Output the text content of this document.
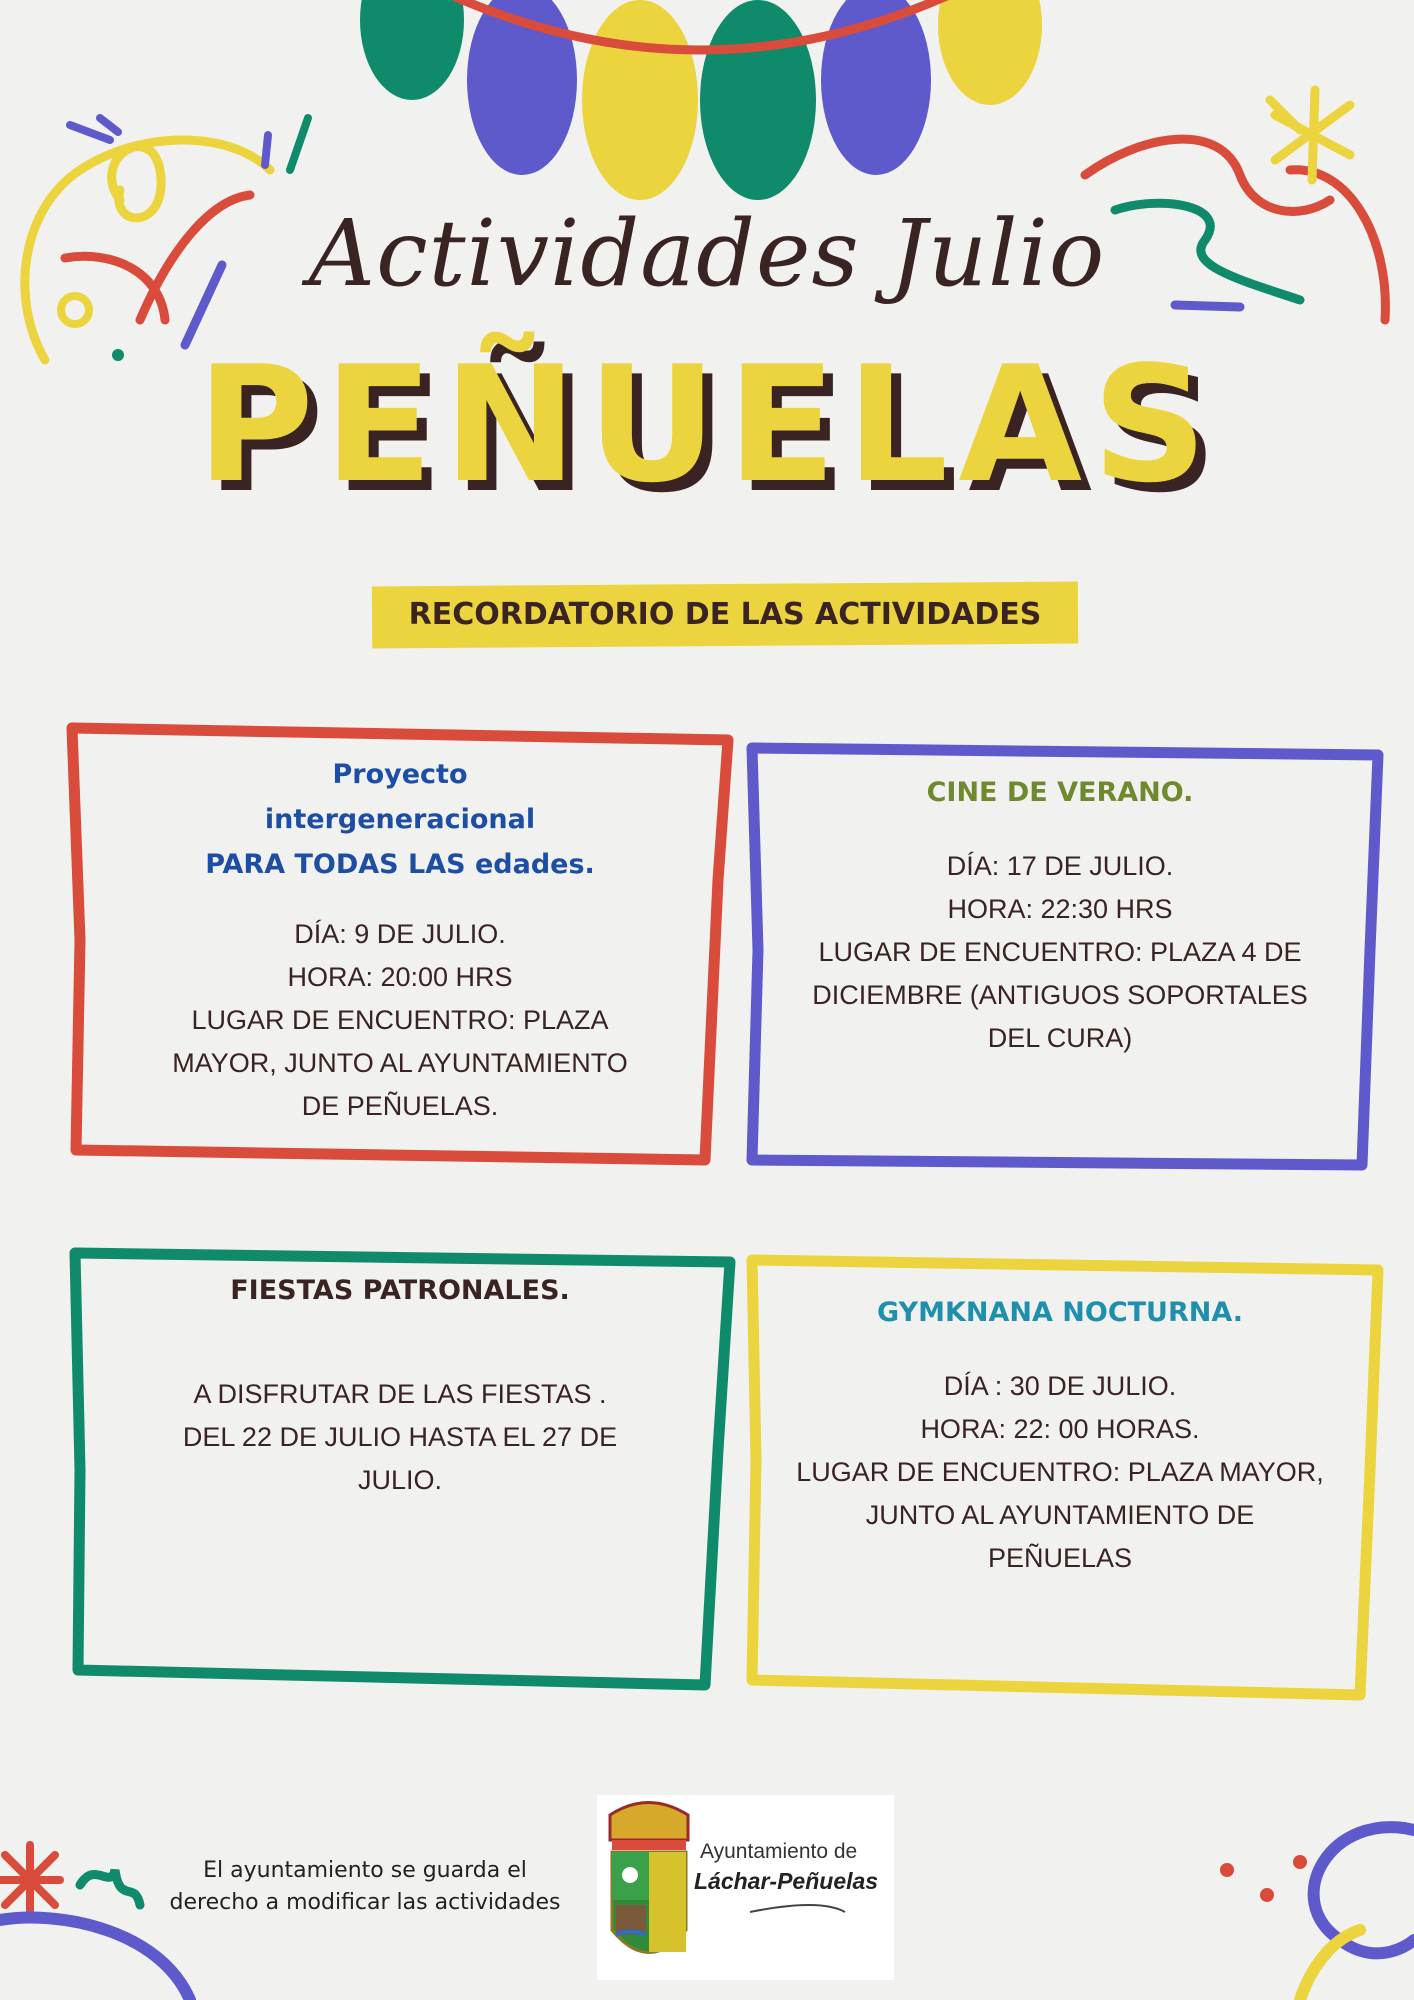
Actividades Julio
PEÑUELAS
RECORDATORIO DE LAS ACTIVIDADES
Proyecto
intergeneracional
PARA TODAS LAS edades.
DÍA: 9 DE JULIO.
HORA: 20:00 HRS
LUGAR DE ENCUENTRO: PLAZA
MAYOR, JUNTO AL AYUNTAMIENTO
DE PEÑUELAS.
CINE DE VERANO.
DÍA: 17 DE JULIO.
HORA: 22:30 HRS
LUGAR DE ENCUENTRO: PLAZA 4 DE
DICIEMBRE (ANTIGUOS SOPORTALES
DEL CURA)
FIESTAS PATRONALES.
A DISFRUTAR DE LAS FIESTAS .
DEL 22 DE JULIO HASTA EL 27 DE
JULIO.
GYMKNANA NOCTURNA.
DÍA : 30 DE JULIO.
HORA: 22: 00 HORAS.
LUGAR DE ENCUENTRO: PLAZA MAYOR,
JUNTO AL AYUNTAMIENTO DE
PEÑUELAS
El ayuntamiento se guarda el
derecho a modificar las actividades
Ayuntamiento de
Láchar-Peñuelas
